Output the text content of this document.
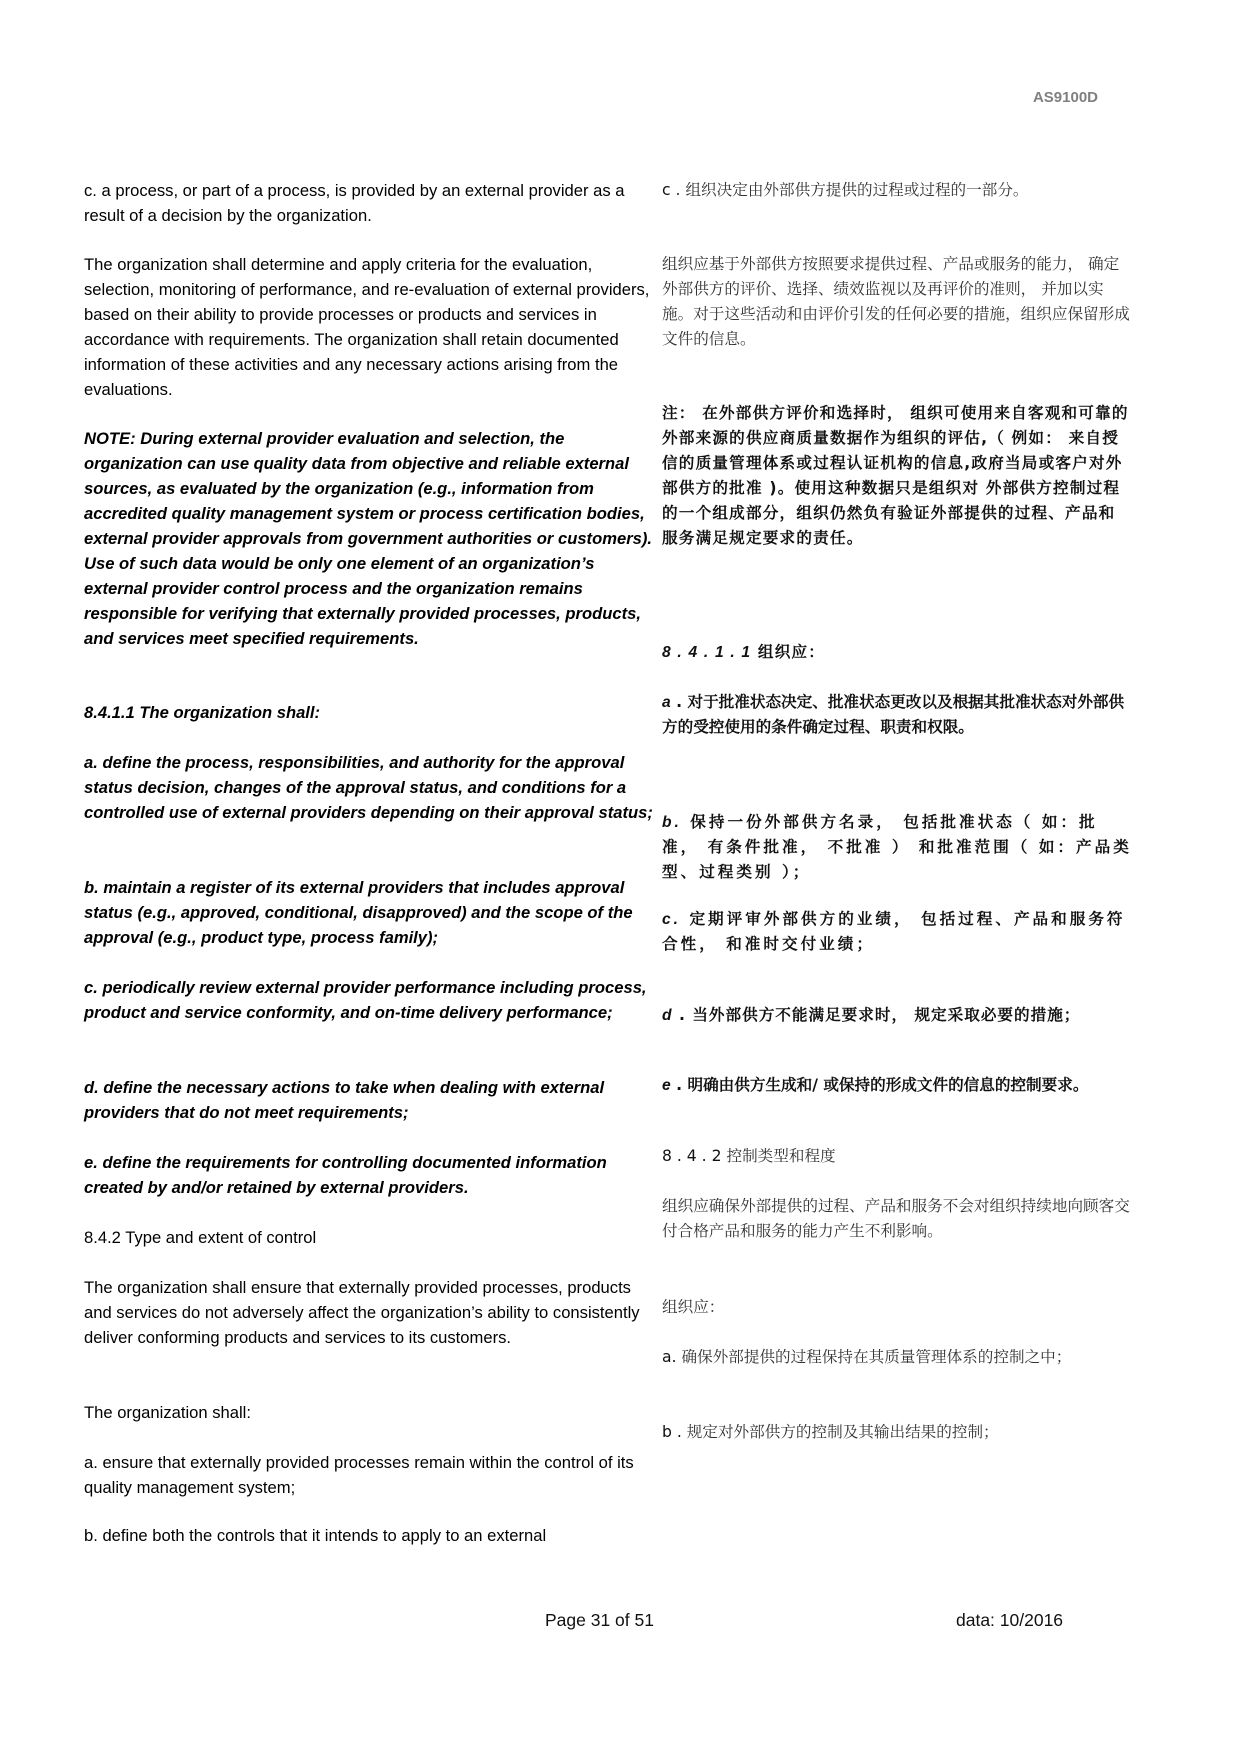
AS9100D

c. a process, or part of a process, is provided by an external provider as a result of a decision by the organization.

The organization shall determine and apply criteria for the evaluation, selection, monitoring of performance, and re-evaluation of external providers, based on their ability to provide processes or products and services in accordance with requirements. The organization shall retain documented information of these activities and any necessary actions arising from the evaluations.

NOTE: During external provider evaluation and selection, the organization can use quality data from objective and reliable external sources, as evaluated by the organization (e.g., information from accredited quality management system or process certification bodies, external provider approvals from government authorities or customers). Use of such data would be only one element of an organization’s external provider control process and the organization remains responsible for verifying that externally provided processes, products, and services meet specified requirements.

8.4.1.1 The organization shall:

a. define the process, responsibilities, and authority for the approval status decision, changes of the approval status, and conditions for a controlled use of external providers depending on their approval status;

b. maintain a register of its external providers that includes approval status (e.g., approved, conditional, disapproved) and the scope of the approval (e.g., product type, process family);

c. periodically review external provider performance including process, product and service conformity, and on-time delivery performance;

d. define the necessary actions to take when dealing with external providers that do not meet requirements;

e. define the requirements for controlling documented information created by and/or retained by external providers.

8.4.2 Type and extent of control

The organization shall ensure that externally provided processes, products and services do not adversely affect the organization’s ability to consistently deliver conforming products and services to its customers.

The organization shall:

a. ensure that externally provided processes remain within the control of its quality management system;

b. define both the controls that it intends to apply to an external

c . 组织决定由外部供方提供的过程或过程的一部分。

组织应基于外部供方按照要求提供过程、产品或服务的能力， 确定外部供方的评价、选择、绩效监视以及再评价的准则， 并加以实施。对于这些活动和由评价引发的任何必要的措施，组织应保留形成文件的信息。

注： 在外部供方评价和选择时， 组织可使用来自客观和可靠的外部来源的供应商质量数据作为组织的评估,（ 例如： 来自授信的质量管理体系或过程认证机构的信息,政府当局或客户对外部供方的批准 )。使用这种数据只是组织对 外部供方控制过程的一个组成部分，组织仍然负有验证外部提供的过程、产品和服务满足规定要求的责任。

8 . 4 . 1 . 1 组织应：

a . 对于批准状态决定、批准状态更改以及根据其批准状态对外部供方的受控使用的条件确定过程、职责和权限。

b. 保持一份外部供方名录， 包括批准状态（ 如：批准， 有条件批准， 不批准 ） 和批准范围（ 如：产品类型、过程类别 ）；

c. 定期评审外部供方的业绩， 包括过程、产品和服务符合性， 和准时交付业绩；

d . 当外部供方不能满足要求时， 规定采取必要的措施；

e . 明确由供方生成和/ 或保持的形成文件的信息的控制要求。

8 . 4 . 2 控制类型和程度

组织应确保外部提供的过程、产品和服务不会对组织持续地向顾客交付合格产品和服务的能力产生不利影响。

组织应：

a. 确保外部提供的过程保持在其质量管理体系的控制之中；

b . 规定对外部供方的控制及其输出结果的控制；

Page 31 of 51	data: 10/2016
